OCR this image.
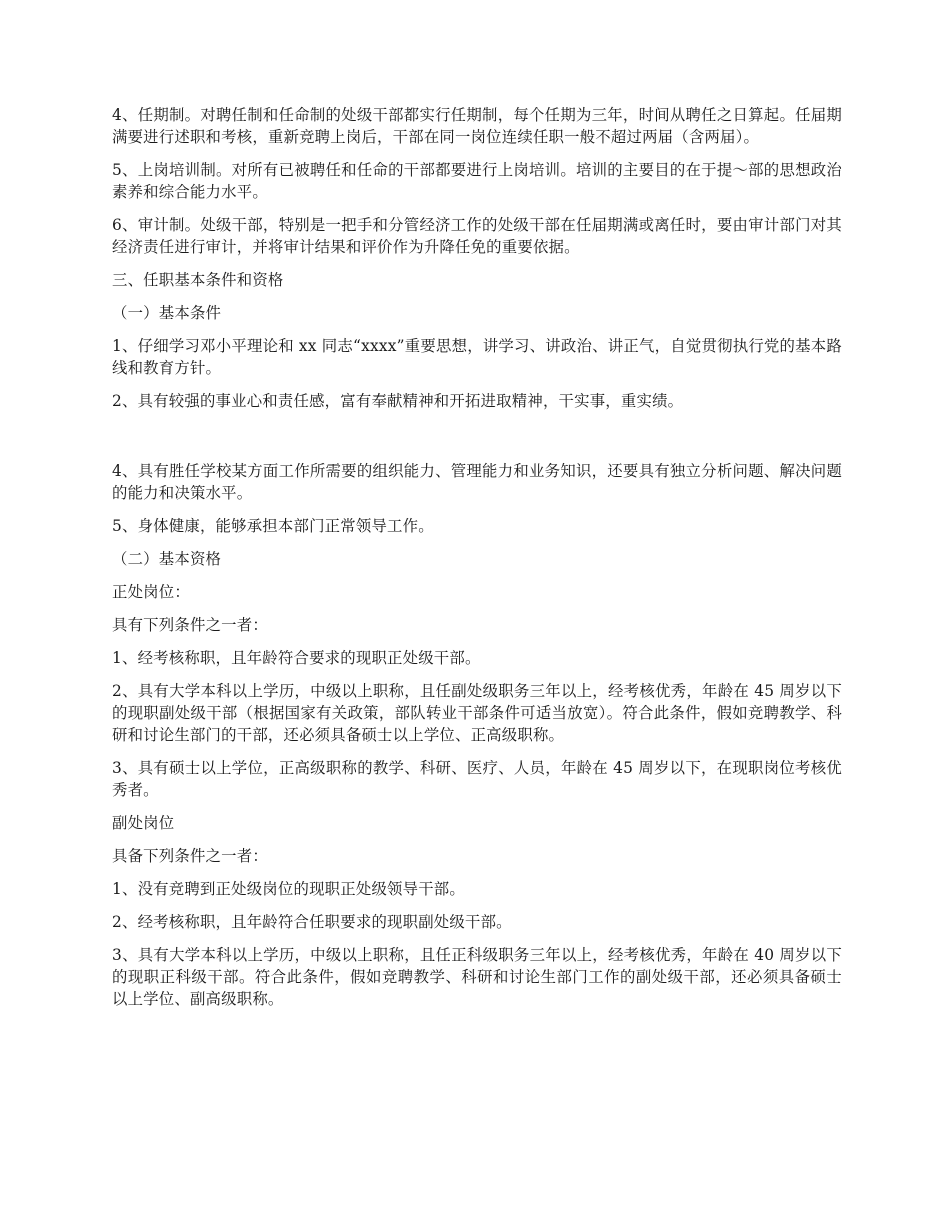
4、任期制。对聘任制和任命制的处级干部都实行任期制，每个任期为三年，时间从聘任之日算起。任届期满要进行述职和考核，重新竞聘上岗后，干部在同一岗位连续任职一般不超过两届（含两届）。

5、上岗培训制。对所有已被聘任和任命的干部都要进行上岗培训。培训的主要目的在于提～部的思想政治素养和综合能力水平。

6、审计制。处级干部，特别是一把手和分管经济工作的处级干部在任届期满或离任时，要由审计部门对其经济责任进行审计，并将审计结果和评价作为升降任免的重要依据。

三、任职基本条件和资格

（一）基本条件

1、仔细学习邓小平理论和 xx 同志“xxxx”重要思想，讲学习、讲政治、讲正气，自觉贯彻执行党的基本路线和教育方针。

2、具有较强的事业心和责任感，富有奉献精神和开拓进取精神，干实事，重实绩。

4、具有胜任学校某方面工作所需要的组织能力、管理能力和业务知识，还要具有独立分析问题、解决问题的能力和决策水平。

5、身体健康，能够承担本部门正常领导工作。

（二）基本资格

正处岗位：

具有下列条件之一者：

1、经考核称职，且年龄符合要求的现职正处级干部。

2、具有大学本科以上学历，中级以上职称，且任副处级职务三年以上，经考核优秀，年龄在 45 周岁以下的现职副处级干部（根据国家有关政策，部队转业干部条件可适当放宽）。符合此条件，假如竞聘教学、科研和讨论生部门的干部，还必须具备硕士以上学位、正高级职称。

3、具有硕士以上学位，正高级职称的教学、科研、医疗、人员，年龄在 45 周岁以下，在现职岗位考核优秀者。

副处岗位

具备下列条件之一者：

1、没有竞聘到正处级岗位的现职正处级领导干部。

2、经考核称职，且年龄符合任职要求的现职副处级干部。

3、具有大学本科以上学历，中级以上职称，且任正科级职务三年以上，经考核优秀，年龄在 40 周岁以下的现职正科级干部。符合此条件，假如竞聘教学、科研和讨论生部门工作的副处级干部，还必须具备硕士以上学位、副高级职称。
